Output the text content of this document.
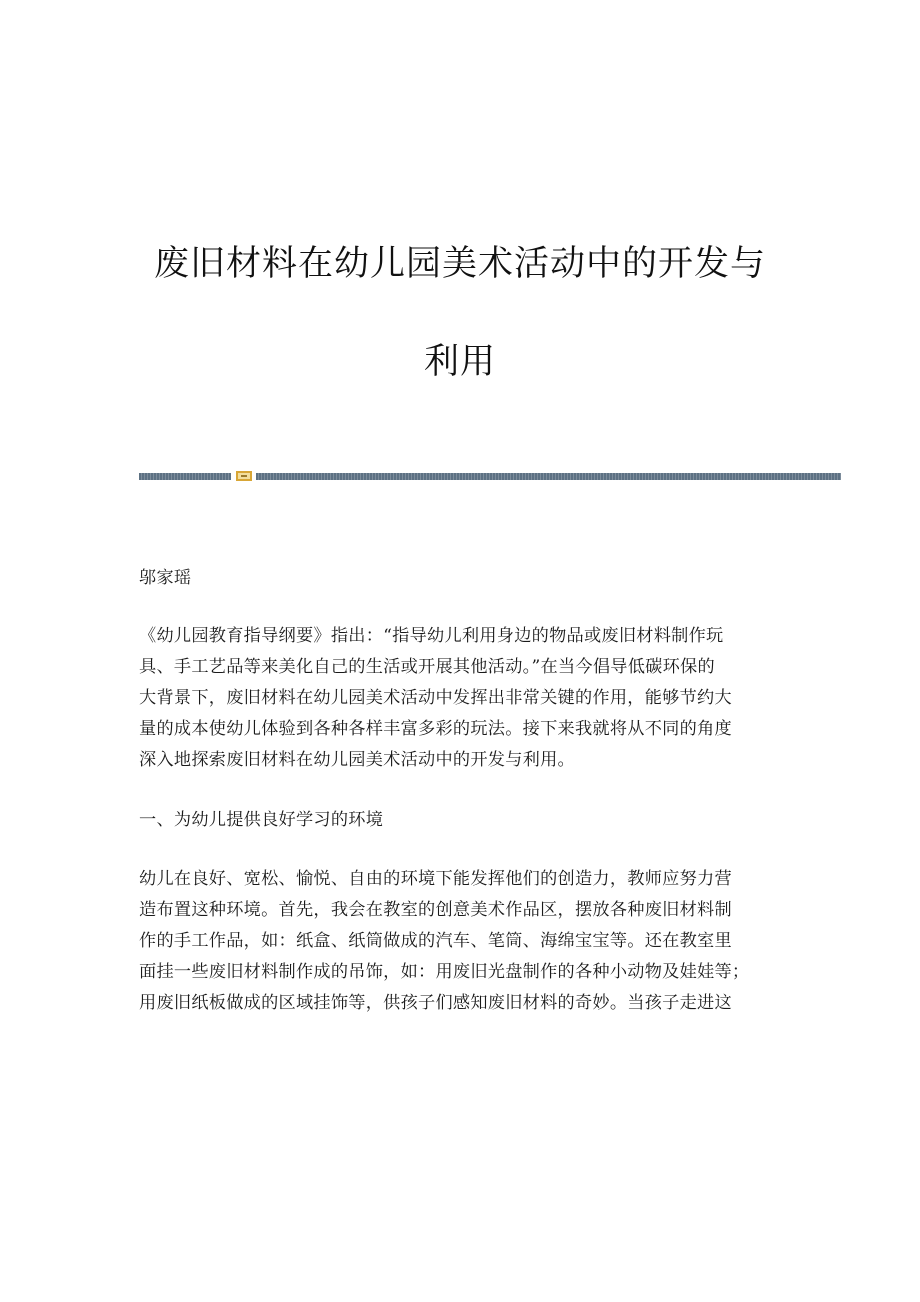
废旧材料在幼儿园美术活动中的开发与
利用

邬家瑶

《幼儿园教育指导纲要》指出：“指导幼儿利用身边的物品或废旧材料制作玩
具、手工艺品等来美化自己的生活或开展其他活动。”在当今倡导低碳环保的
大背景下，废旧材料在幼儿园美术活动中发挥出非常关键的作用，能够节约大
量的成本使幼儿体验到各种各样丰富多彩的玩法。接下来我就将从不同的角度
深入地探索废旧材料在幼儿园美术活动中的开发与利用。

一、为幼儿提供良好学习的环境

幼儿在良好、宽松、愉悦、自由的环境下能发挥他们的创造力，教师应努力营
造布置这种环境。首先，我会在教室的创意美术作品区，摆放各种废旧材料制
作的手工作品，如：纸盒、纸筒做成的汽车、笔筒、海绵宝宝等。还在教室里
面挂一些废旧材料制作成的吊饰，如：用废旧光盘制作的各种小动物及娃娃等；
用废旧纸板做成的区域挂饰等，供孩子们感知废旧材料的奇妙。当孩子走进这
